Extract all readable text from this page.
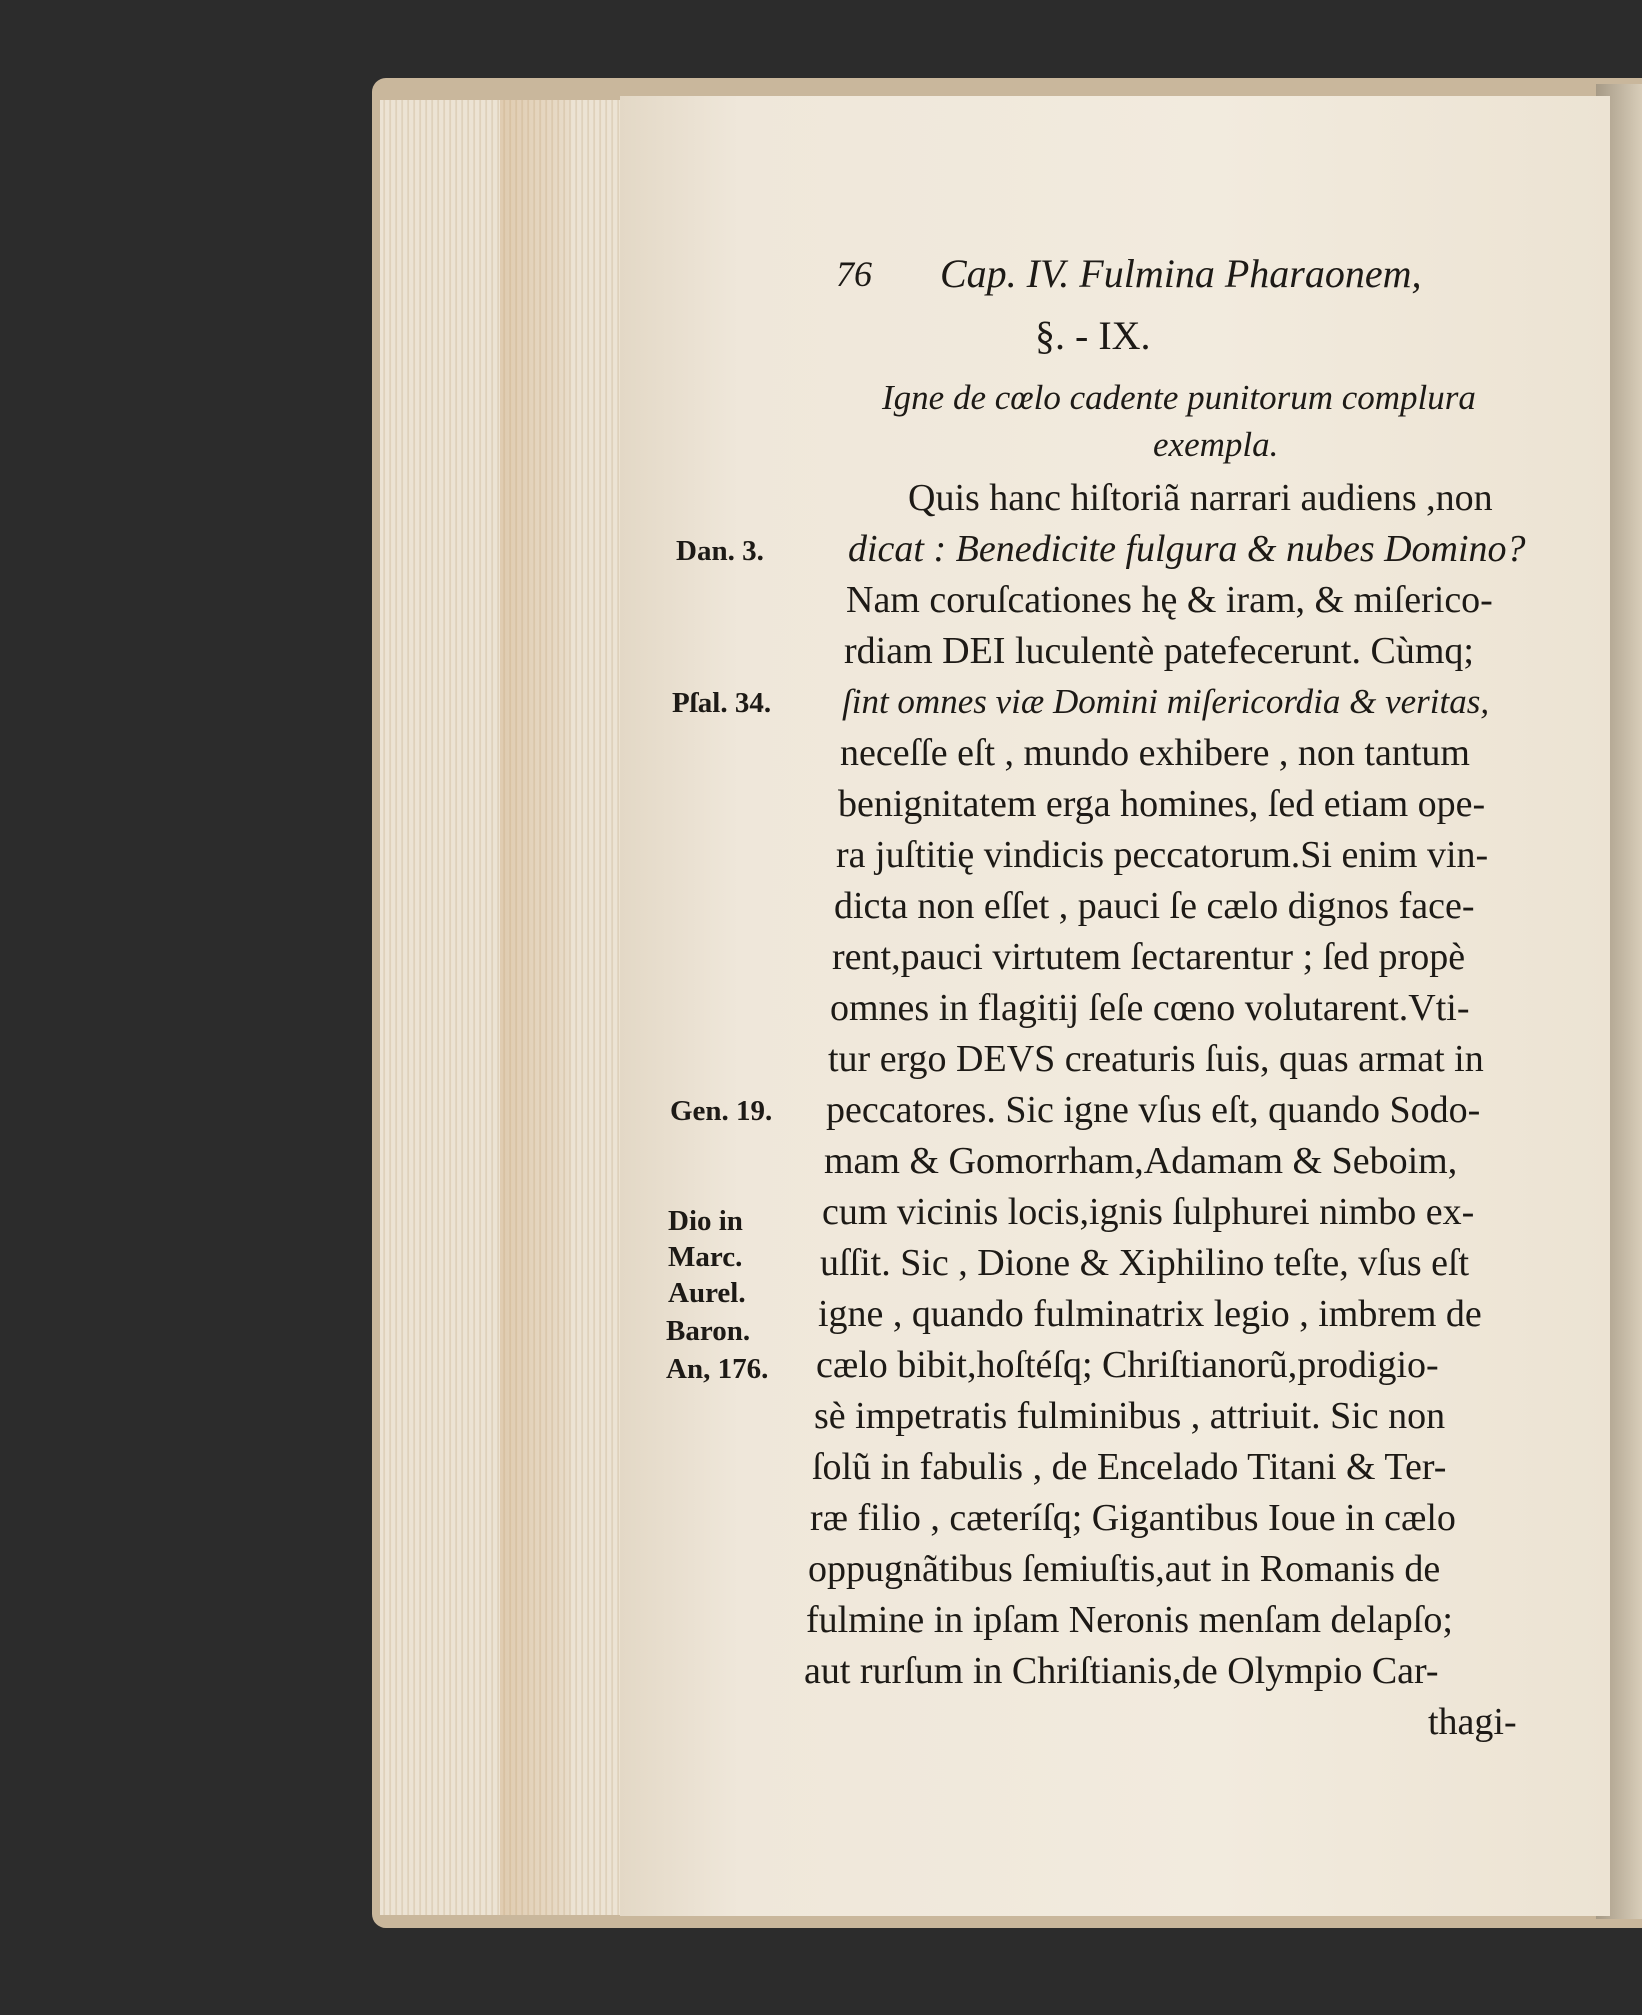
76 Cap. IV. Fulmina Pharaonem,
§. - IX.
Igne de cœlo cadente punitorum complura
exempla.
Quis hanc hiſtoriã narrari audiens ,non
dicat : Benedicite fulgura & nubes Domino?
Nam coruſcationes hę & iram, & miſerico-
rdiam DEI luculentè patefecerunt. Cùmq;
ſint omnes viæ Domini miſericordia & veritas,
neceſſe eſt , mundo exhibere , non tantum
benignitatem erga homines, ſed etiam ope-
ra juſtitię vindicis peccatorum.Si enim vin-
dicta non eſſet , pauci ſe cælo dignos face-
rent,pauci virtutem ſectarentur ; ſed propè
omnes in flagitij ſeſe cœno volutarent.Vti-
tur ergo DEVS creaturis ſuis, quas armat in
peccatores. Sic igne vſus eſt, quando Sodo-
mam & Gomorrham,Adamam & Seboim,
cum vicinis locis,ignis ſulphurei nimbo ex-
uſſit. Sic , Dione & Xiphilino teſte, vſus eſt
igne , quando fulminatrix legio , imbrem de
cælo bibit,hoſtéſq; Chriſtianorũ,prodigio-
sè impetratis fulminibus , attriuit. Sic non
ſolũ in fabulis , de Encelado Titani & Ter-
ræ filio , cæteríſq; Gigantibus Ioue in cælo
oppugnãtibus ſemiuſtis,aut in Romanis de
fulmine in ipſam Neronis menſam delapſo;
aut rurſum in Chriſtianis,de Olympio Car-
thagi-
Dan. 3.
Pſal. 34.
Gen. 19.
Dio in
Marc.
Aurel.
Baron.
An, 176.
